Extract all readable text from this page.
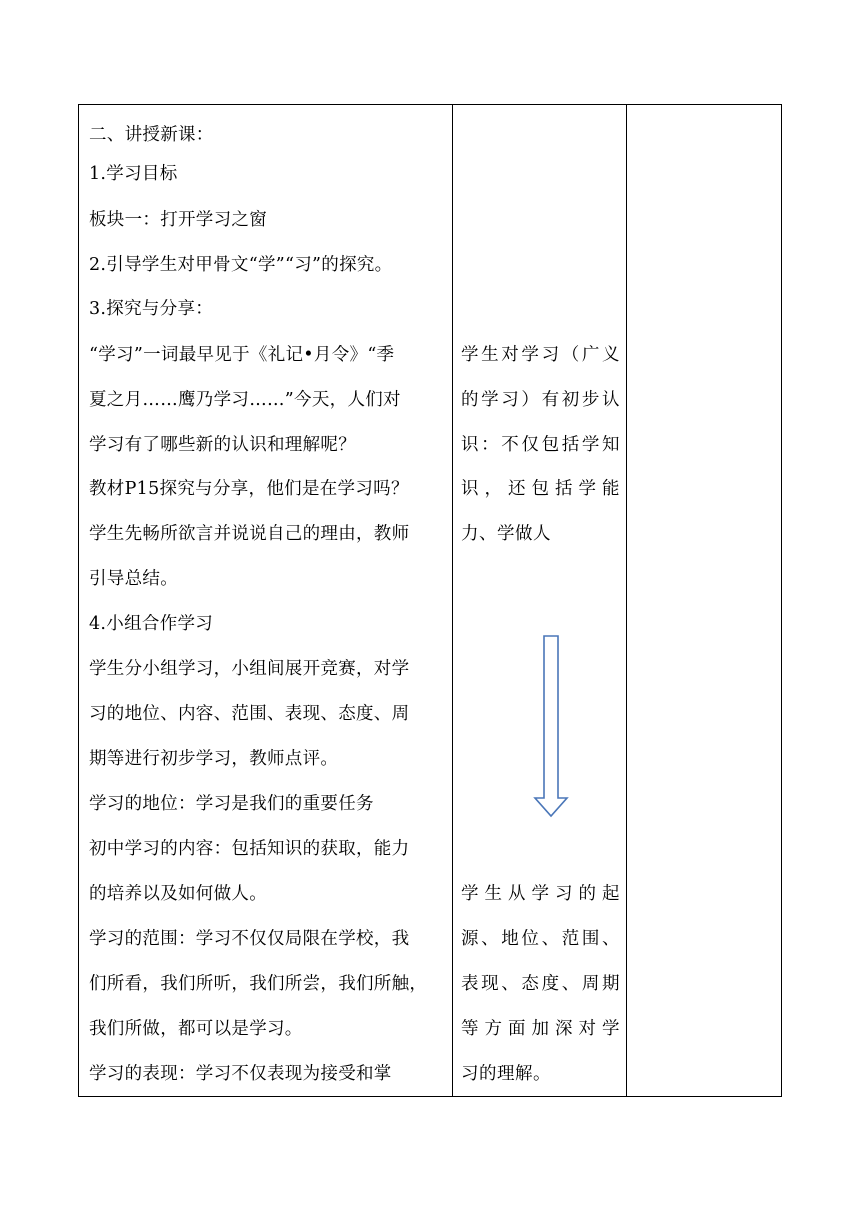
二、讲授新课：
1.学习目标
板块一：打开学习之窗
2.引导学生对甲骨文“学”“习”的探究。
3.探究与分享：
“学习”一词最早见于《礼记•月令》“季
夏之月……鹰乃学习……”今天，人们对
学习有了哪些新的认识和理解呢？
教材P15探究与分享，他们是在学习吗？
学生先畅所欲言并说说自己的理由，教师
引导总结。
4.小组合作学习
学生分小组学习，小组间展开竞赛，对学
习的地位、内容、范围、表现、态度、周
期等进行初步学习，教师点评。
学习的地位：学习是我们的重要任务
初中学习的内容：包括知识的获取，能力
的培养以及如何做人。
学习的范围：学习不仅仅局限在学校，我
们所看，我们所听，我们所尝，我们所触，
我们所做，都可以是学习。
学习的表现：学习不仅表现为接受和掌
学生对学习（广义
的学习）有初步认
识：不仅包括学知
识，还包括学能
力、学做人
学生从学习的起
源、地位、范围、
表现、态度、周期
等方面加深对学
习的理解。
